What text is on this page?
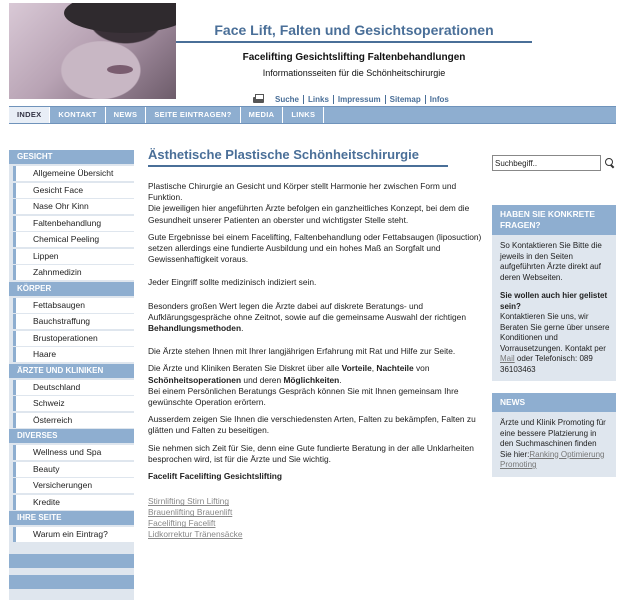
Face Lift, Falten und Gesichtsoperationen
Facelifting Gesichtslifting Faltenbehandlungen
Informationsseiten für die Schönheitschirurgie
Suche	Links	Impressum	Sitemap	Infos
INDEX	KONTAKT	NEWS	SEITE EINTRAGEN?	MEDIA	LINKS
GESICHT
Allgemeine Übersicht
Gesicht Face
Nase Ohr Kinn
Faltenbehandlung
Chemical Peeling
Lippen
Zahnmedizin
KÖRPER
Fettabsaugen
Bauchstraffung
Brustoperationen
Haare
ÄRZTE UND KLINIKEN
Deutschland
Schweiz
Österreich
DIVERSES
Wellness und Spa
Beauty
Versicherungen
Kredite
IHRE SEITE
Warum ein Eintrag?
Ästhetische Plastische Schönheitschirurgie

Plastische Chirurgie an Gesicht und Körper stellt Harmonie her zwischen Form und Funktion.
Die jeweiligen hier angeführten Ärzte befolgen ein ganzheitliches Konzept, bei dem die Gesundheit unserer Patienten an oberster und wichtigster Stelle steht.

Gute Ergebnisse bei einem Facelifting, Faltenbehandlung oder Fettabsaugen (liposuction) setzen allerdings eine fundierte Ausbildung und ein hohes Maß an Sorgfalt und Gewissenhaftigkeit voraus.

Jeder Eingriff sollte medizinisch indiziert sein.

Besonders großen Wert legen die Ärzte dabei auf diskrete Beratungs- und Aufklärungsgespräche ohne Zeitnot, sowie auf die gemeinsame Auswahl der richtigen Behandlungsmethoden.

Die Ärzte stehen Ihnen mit Ihrer langjährigen Erfahrung mit Rat und Hilfe zur Seite.

Die Ärzte und Kliniken Beraten Sie Diskret über alle Vorteile, Nachteile von Schönheitsoperationen und deren Möglichkeiten.
Bei einem Persönlichen Beratungs Gespräch können Sie mit Ihnen gemeinsam Ihre gewünschte Operation erörtern.

Ausserdem zeigen Sie Ihnen die verschiedensten Arten, Falten zu bekämpfen, Falten zu glätten und Falten zu beseitigen.

Sie nehmen sich Zeit für Sie, denn eine Gute fundierte Beratung in der alle Unklarheiten besprochen wird, ist für die Ärzte und Sie wichtig.

Facelift Facelifting Gesichtslifting

Stirnlifting Stirn Lifting
Brauenlifting Brauenlift
Facelifting Facelift
Lidkorrektur Tränensäcke
Suchbegiff..
HABEN SIE KONKRETE FRAGEN?
So Kontaktieren Sie Bitte die jeweils in den Seiten aufgeführten Ärzte direkt auf deren Webseiten.
Sie wollen auch hier gelistet sein?
Kontaktieren Sie uns, wir Beraten Sie gerne über unsere Konditionen und Vorrausetzungen. Kontakt per Mail oder Telefonisch: 089 36103463
NEWS
Ärzte und Klinik Promoting für eine bessere Platzierung in den Suchmaschinen finden Sie hier:Ranking Optimierung Promoting
